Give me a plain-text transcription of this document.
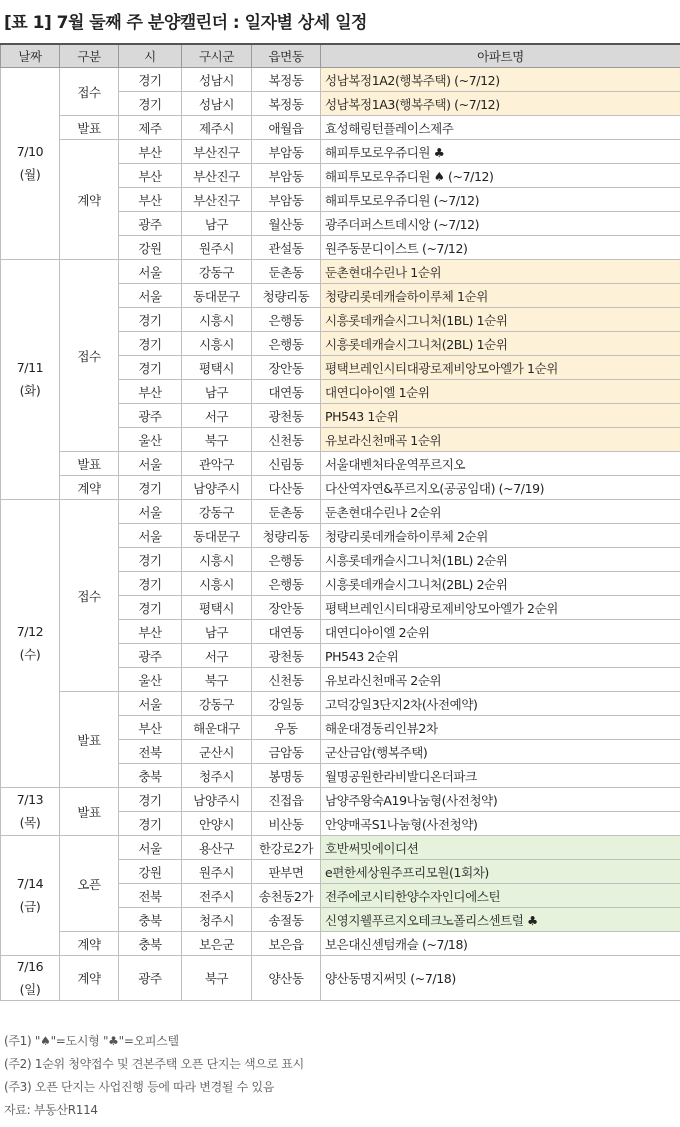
[표 1] 7월 둘째 주 분양캘린더 : 일자별 상세 일정
날짜	구분	시	구시군	읍면동	아파트명

7/10
(월)	접수	경기	성남시	복정동	성남복정1A2(행복주택) (~7/12)
		경기	성남시	복정동	성남복정1A3(행복주택) (~7/12)
	발표	제주	제주시	애월읍	효성해링턴플레이스제주
	계약	부산	부산진구	부암동	해피투모로우쥬디원 ♣
		부산	부산진구	부암동	해피투모로우쥬디원 ♠ (~7/12)
		부산	부산진구	부암동	해피투모로우쥬디원 (~7/12)
		광주	남구	월산동	광주더퍼스트데시앙 (~7/12)
		강원	원주시	관설동	원주동문디이스트 (~7/12)

7/11
(화)	접수	서울	강동구	둔촌동	둔촌현대수린나 1순위
		서울	동대문구	청량리동	청량리롯데캐슬하이루체 1순위
		경기	시흥시	은행동	시흥롯데캐슬시그니처(1BL) 1순위
		경기	시흥시	은행동	시흥롯데캐슬시그니처(2BL) 1순위
		경기	평택시	장안동	평택브레인시티대광로제비앙모아엘가 1순위
		부산	남구	대연동	대연디아이엘 1순위
		광주	서구	광천동	PH543 1순위
		울산	북구	신천동	유보라신천매곡 1순위
	발표	서울	관악구	신림동	서울대벤처타운역푸르지오
	계약	경기	남양주시	다산동	다산역자연&푸르지오(공공임대) (~7/19)

7/12
(수)	접수	서울	강동구	둔촌동	둔촌현대수린나 2순위
		서울	동대문구	청량리동	청량리롯데캐슬하이루체 2순위
		경기	시흥시	은행동	시흥롯데캐슬시그니처(1BL) 2순위
		경기	시흥시	은행동	시흥롯데캐슬시그니처(2BL) 2순위
		경기	평택시	장안동	평택브레인시티대광로제비앙모아엘가 2순위
		부산	남구	대연동	대연디아이엘 2순위
		광주	서구	광천동	PH543 2순위
		울산	북구	신천동	유보라신천매곡 2순위
	발표	서울	강동구	강일동	고덕강일3단지2차(사전예약)
		부산	해운대구	우동	해운대경동리인뷰2차
		전북	군산시	금암동	군산금암(행복주택)
		충북	청주시	봉명동	월명공원한라비발디온더파크

7/13
(목)	발표	경기	남양주시	진접읍	남양주왕숙A19나눔형(사전청약)
		경기	안양시	비산동	안양매곡S1나눔형(사전청약)

7/14
(금)	오픈	서울	용산구	한강로2가	호반써밋에이디션
		강원	원주시	판부면	e편한세상원주프리모원(1회차)
		전북	전주시	송천동2가	전주에코시티한양수자인디에스틴
		충북	청주시	송절동	신영지웰푸르지오테크노폴리스센트럴 ♣
	계약	충북	보은군	보은읍	보은대신센텀캐슬 (~7/18)

7/16
(일)	계약	광주	북구	양산동	양산동명지써밋 (~7/18)
(주1) "♠"=도시형 "♣"=오피스텔
(주2) 1순위 청약접수 및 견본주택 오픈 단지는 색으로 표시
(주3) 오픈 단지는 사업진행 등에 따라 변경될 수 있음
자료: 부동산R114
